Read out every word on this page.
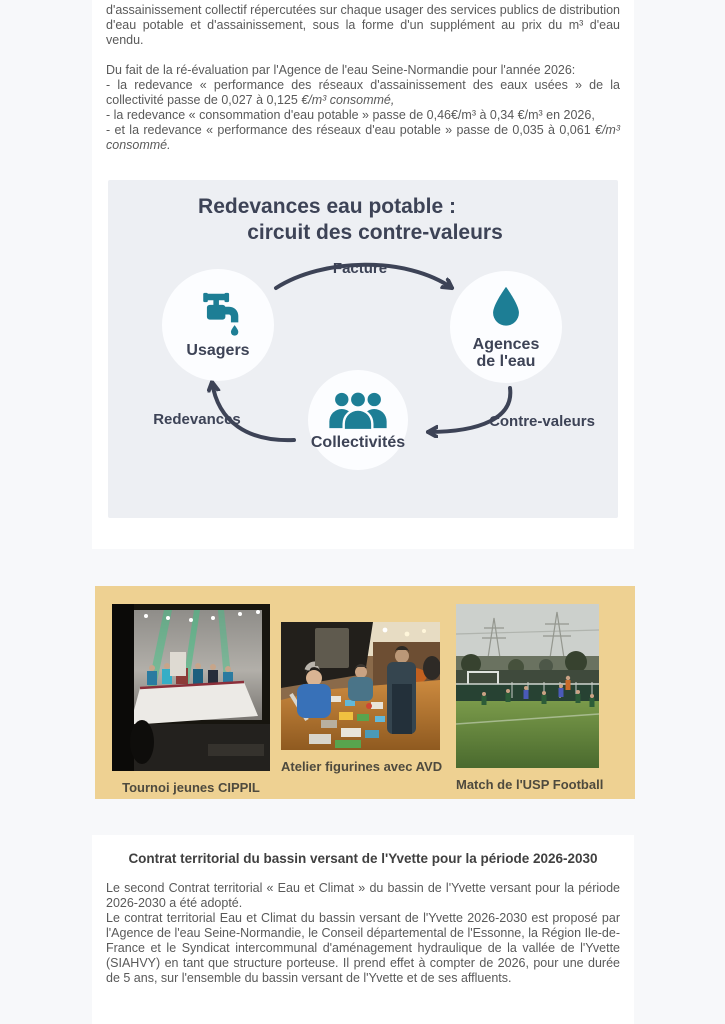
d'assainissement collectif répercutées sur chaque usager des services publics de distribution d'eau potable et d'assainissement, sous la forme d'un supplément au prix du m³ d'eau vendu.

Du fait de la ré-évaluation par l'Agence de l'eau Seine-Normandie pour l'année 2026:

- la redevance « performance des réseaux d'assainissement des eaux usées » de la collectivité passe de 0,027 à 0,125 €/m³ consommé,
- la redevance « consommation d'eau potable » passe de 0,46€/m³ à 0,34 €/m³ en 2026,
- et la redevance « performance des réseaux d'eau potable » passe de 0,035 à 0,061 €/m³ consommé.
Redevances eau potable :
circuit des contre-valeurs
Usagers	Agences
de l'eau
Collectivités
Facture
Contre-valeurs
Redevances
Tournoi jeunes CIPPIL
Atelier figurines avec AVD
Match de l'USP Football
Contrat territorial du bassin versant de l'Yvette pour la période 2026-2030

Le second Contrat territorial « Eau et Climat » du bassin de l'Yvette versant pour la période 2026-2030 a été adopté.

Le contrat territorial Eau et Climat du bassin versant de l'Yvette 2026-2030 est proposé par l'Agence de l'eau Seine-Normandie, le Conseil départemental de l'Essonne, la Région Ile-de-France et le Syndicat intercommunal d'aménagement hydraulique de la vallée de l'Yvette (SIAHVY) en tant que structure porteuse. Il prend effet à compter de 2026, pour une durée de 5 ans, sur l'ensemble du bassin versant de l'Yvette et de ses affluents.
